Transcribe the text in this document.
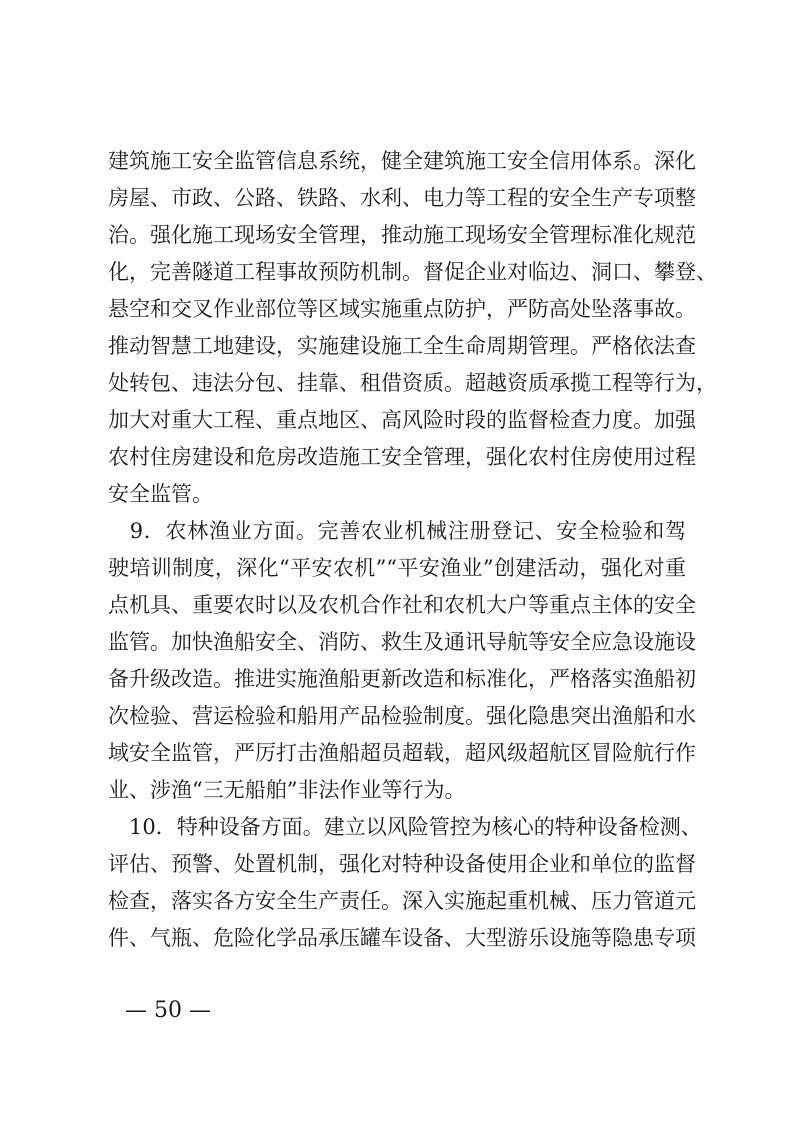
建筑施工安全监管信息系统，健全建筑施工安全信用体系。深化
房屋、市政、公路、铁路、水利、电力等工程的安全生产专项整
治。强化施工现场安全管理，推动施工现场安全管理标准化规范
化，完善隧道工程事故预防机制。督促企业对临边、洞口、攀登、
悬空和交叉作业部位等区域实施重点防护，严防高处坠落事故。
推动智慧工地建设，实施建设施工全生命周期管理。严格依法查
处转包、违法分包、挂靠、租借资质。超越资质承揽工程等行为，
加大对重大工程、重点地区、高风险时段的监督检查力度。加强
农村住房建设和危房改造施工安全管理，强化农村住房使用过程
安全监管。
　9．农林渔业方面。完善农业机械注册登记、安全检验和驾
驶培训制度，深化“平安农机”“平安渔业”创建活动，强化对重
点机具、重要农时以及农机合作社和农机大户等重点主体的安全
监管。加快渔船安全、消防、救生及通讯导航等安全应急设施设
备升级改造。推进实施渔船更新改造和标准化，严格落实渔船初
次检验、营运检验和船用产品检验制度。强化隐患突出渔船和水
域安全监管，严厉打击渔船超员超载，超风级超航区冒险航行作
业、涉渔“三无船舶”非法作业等行为。
　10．特种设备方面。建立以风险管控为核心的特种设备检测、
评估、预警、处置机制，强化对特种设备使用企业和单位的监督
检查，落实各方安全生产责任。深入实施起重机械、压力管道元
件、气瓶、危险化学品承压罐车设备、大型游乐设施等隐患专项
— 50 —
